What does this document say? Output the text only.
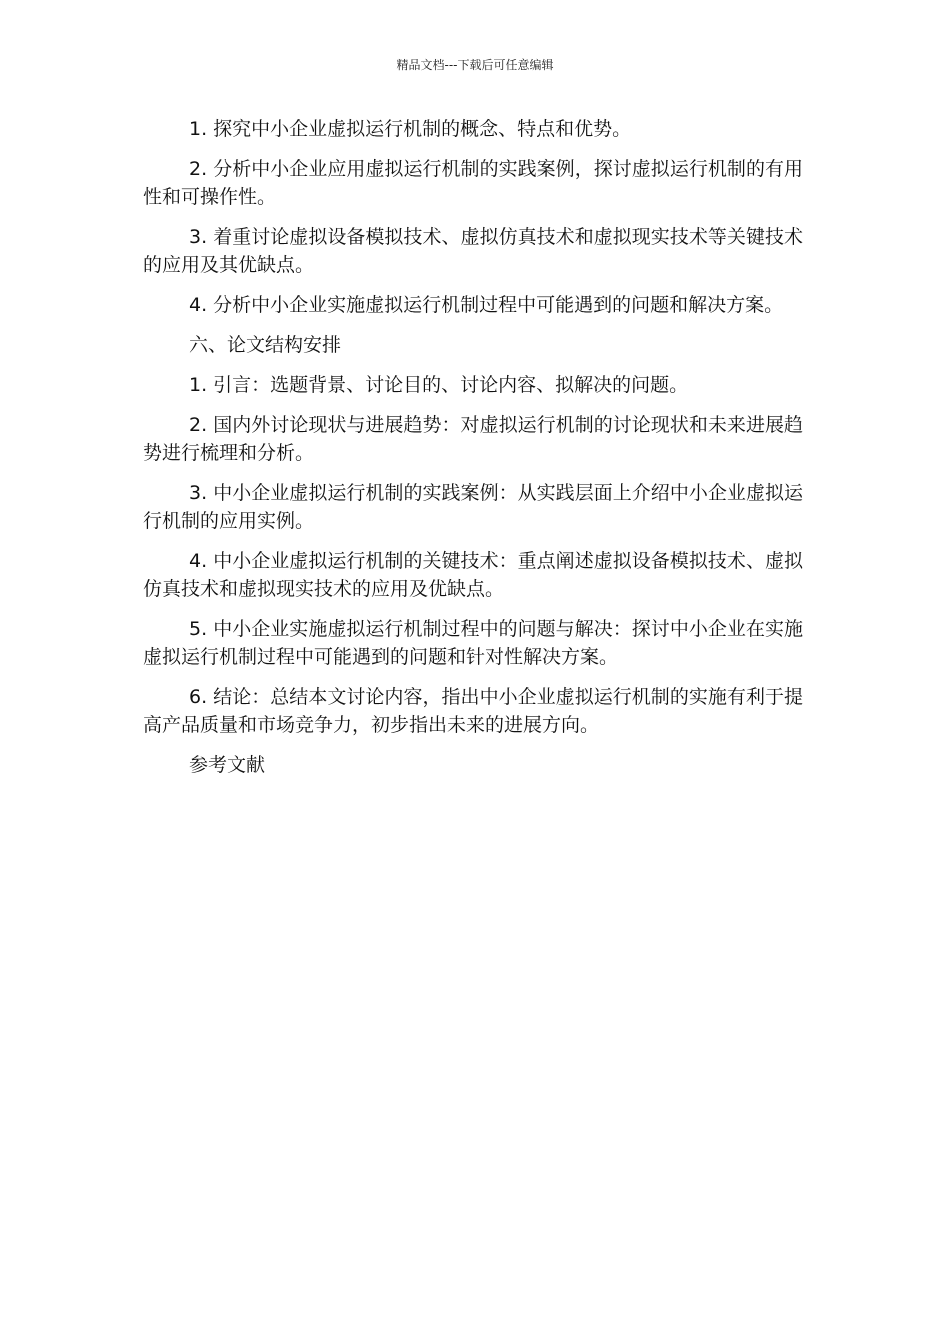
精品文档---下载后可任意编辑

1. 探究中小企业虚拟运行机制的概念、特点和优势。

2. 分析中小企业应用虚拟运行机制的实践案例，探讨虚拟运行机制的有用性和可操作性。

3. 着重讨论虚拟设备模拟技术、虚拟仿真技术和虚拟现实技术等关键技术的应用及其优缺点。

4. 分析中小企业实施虚拟运行机制过程中可能遇到的问题和解决方案。

六、论文结构安排

1. 引言：选题背景、讨论目的、讨论内容、拟解决的问题。

2. 国内外讨论现状与进展趋势：对虚拟运行机制的讨论现状和未来进展趋势进行梳理和分析。

3. 中小企业虚拟运行机制的实践案例：从实践层面上介绍中小企业虚拟运行机制的应用实例。

4. 中小企业虚拟运行机制的关键技术：重点阐述虚拟设备模拟技术、虚拟仿真技术和虚拟现实技术的应用及优缺点。

5. 中小企业实施虚拟运行机制过程中的问题与解决：探讨中小企业在实施虚拟运行机制过程中可能遇到的问题和针对性解决方案。

6. 结论：总结本文讨论内容，指出中小企业虚拟运行机制的实施有利于提高产品质量和市场竞争力，初步指出未来的进展方向。

参考文献
